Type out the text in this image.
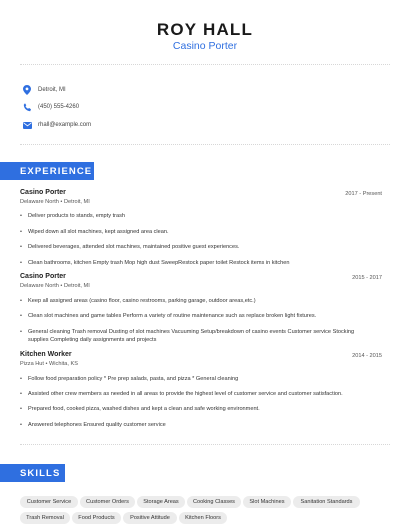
ROY HALL
Casino Porter
Detroit, MI
(450) 555-4260
rhall@example.com
EXPERIENCE
Casino Porter	2017 - Present
Delaware North • Detroit, MI
• Deliver products to stands, empty trash
• Wiped down all slot machines, kept assigned area clean.
• Delivered beverages, attended slot machines, maintained positive guest experiences.
• Clean bathrooms, kitchen Empty trash Mop high dust SweepRestock paper toilet Restock items in kitchen
Casino Porter	2015 - 2017
Delaware North • Detroit, MI
• Keep all assigned areas (casino floor, casino restrooms, parking garage, outdoor areas,etc.)
• Clean slot machines and game tables Perform a variety of routine maintenance such as replace broken light fixtures.
• General cleaning Trash removal Dusting of slot machines Vacuuming Setup/breakdown of casino events Customer service Stocking supplies Completing daily assignments and projects
Kitchen Worker	2014 - 2015
Pizza Hut • Wichita, KS
• Follow food preparation policy * Pre prep salads, pasta, and pizza * General cleaning
• Assisted other crew members as needed in all areas to provide the highest level of customer service and customer satisfaction.
• Prepared food, cooked pizza, washed dishes and kept a clean and safe working environment.
• Answered telephones Ensured quality customer service
SKILLS
Customer Service	Customer Orders	Storage Areas	Cooking Classes	Slot Machines	Sanitation Standards
Trash Removal	Food Products	Positive Attitude	Kitchen Floors
